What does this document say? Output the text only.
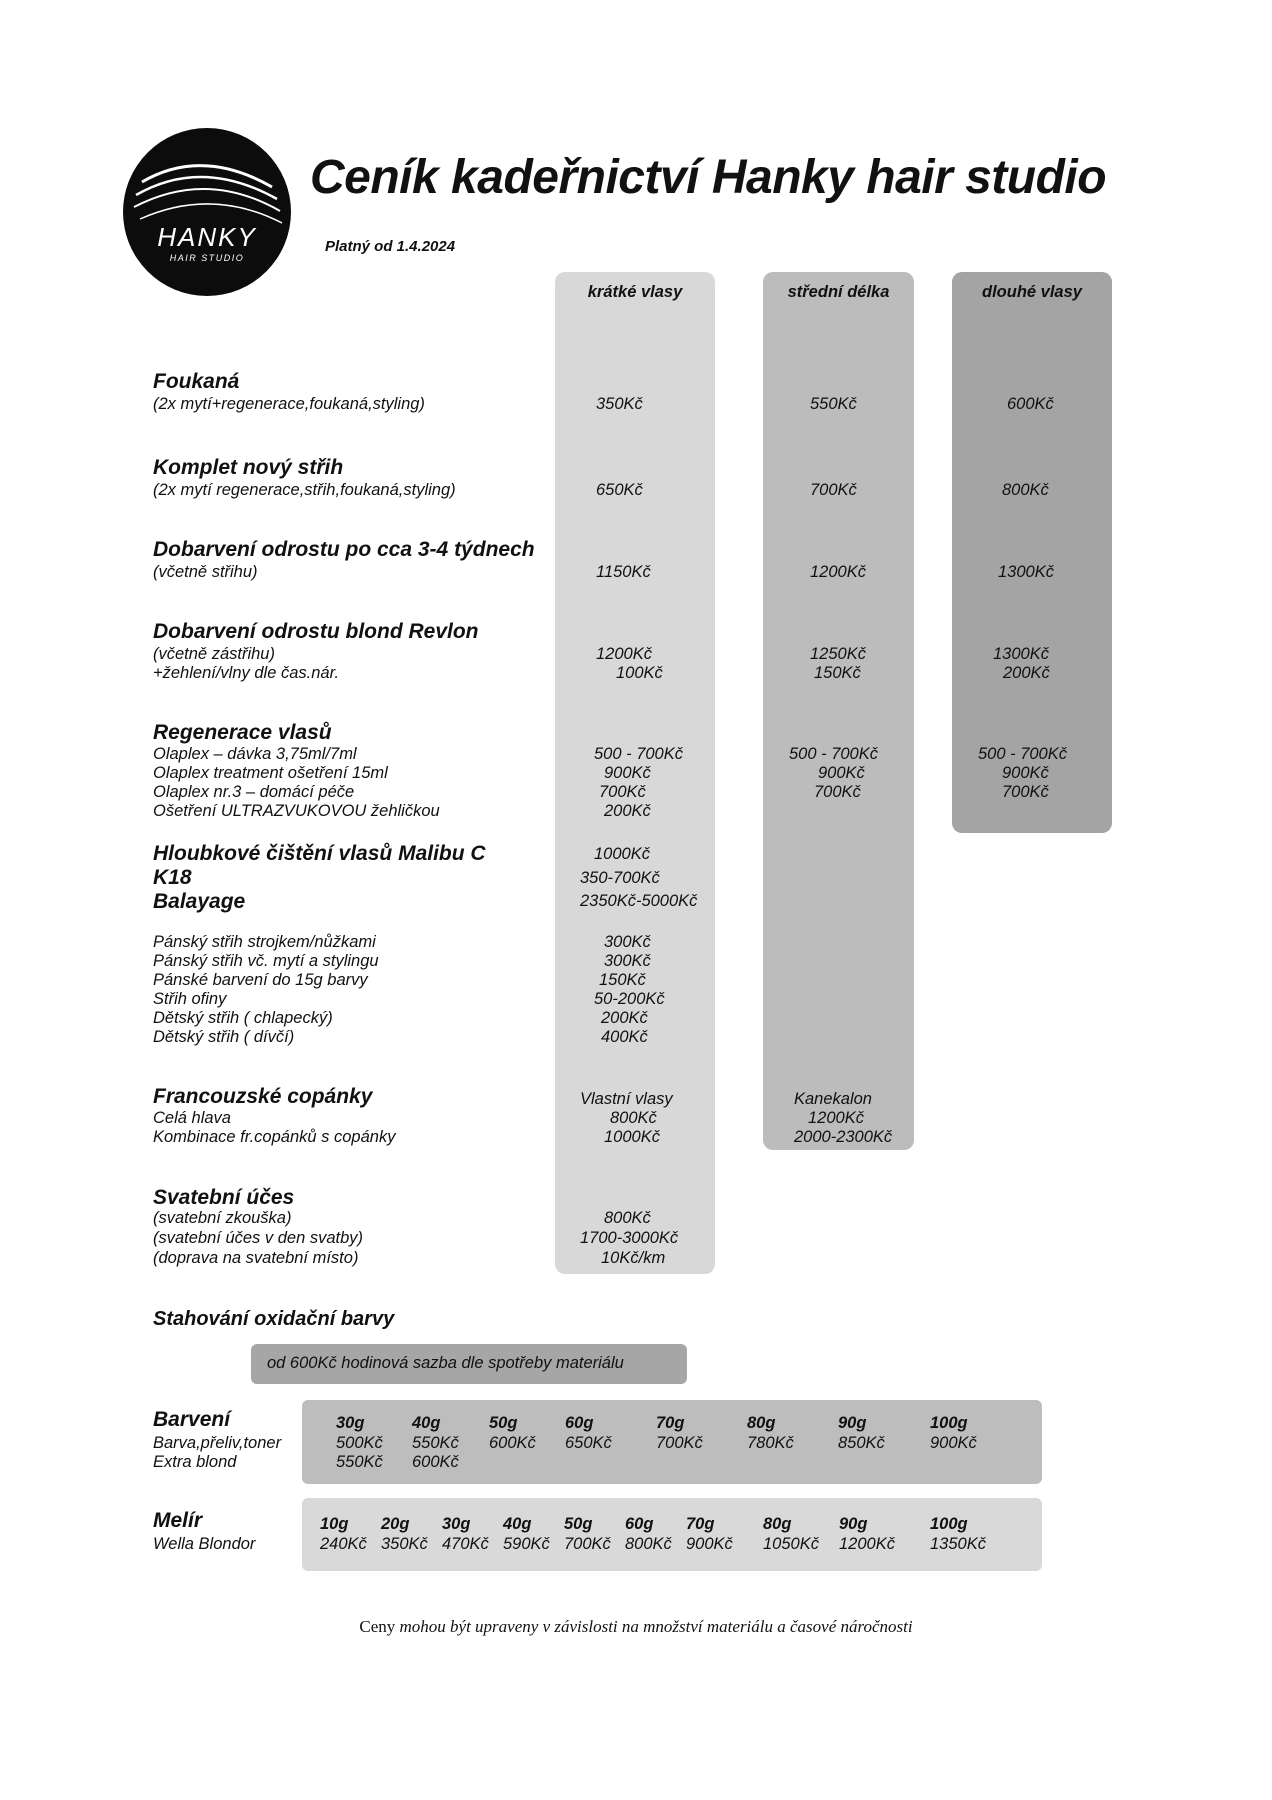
HANKY
HAIR STUDIO
Ceník kadeřnictví Hanky hair studio
Platný od 1.4.2024
krátké vlasy	střední délka	dlouhé vlasy
Foukaná
(2x mytí+regenerace,foukaná,styling)	350Kč	550Kč	600Kč
Komplet nový střih
(2x mytí regenerace,střih,foukaná,styling)	650Kč	700Kč	800Kč
Dobarvení odrostu po cca 3-4 týdnech
(včetně střihu)	1150Kč	1200Kč	1300Kč
Dobarvení odrostu blond Revlon
(včetně zástřihu)	1200Kč	1250Kč	1300Kč
+žehlení/vlny dle čas.nár.	100Kč	150Kč	200Kč
Regenerace vlasů
Olaplex – dávka 3,75ml/7ml	500 - 700Kč	500 - 700Kč	500 - 700Kč
Olaplex treatment ošetření 15ml	900Kč	900Kč	900Kč
Olaplex nr.3 – domácí péče	700Kč	700Kč	700Kč
Ošetření ULTRAZVUKOVOU žehličkou	200Kč
Hloubkové čištění vlasů Malibu C	1000Kč
K18	350-700Kč
Balayage	2350Kč-5000Kč
Pánský střih strojkem/nůžkami	300Kč
Pánský střih vč. mytí a stylingu	300Kč
Pánské barvení do 15g barvy	150Kč
Střih ofiny	50-200Kč
Dětský střih ( chlapecký)	200Kč
Dětský střih ( dívčí)	400Kč
Francouzské copánky	Vlastní vlasy	Kanekalon
Celá hlava	800Kč	1200Kč
Kombinace fr.copánků s copánky	1000Kč	2000-2300Kč
Svatební účes
(svatební zkouška)	800Kč
(svatební účes v den svatby)	1700-3000Kč
(doprava na svatební místo)	10Kč/km
Stahování oxidační barvy
od 600Kč hodinová sazba dle spotřeby materiálu
Barvení
Barva,přeliv,toner
Extra blond
30g	40g	50g	60g	70g	80g	90g	100g
500Kč 550Kč 600Kč 650Kč	700Kč	780Kč	850Kč	900Kč
550Kč 600Kč
Melír
Wella Blondor
10g 20g 30g 40g 50g 60g 70g	80g	90g	100g
240Kč 350Kč 470Kč 590Kč 700Kč 800Kč 900Kč 1050Kč 1200Kč 1350Kč
Ceny mohou být upraveny v závislosti na množství materiálu a časové náročnosti
